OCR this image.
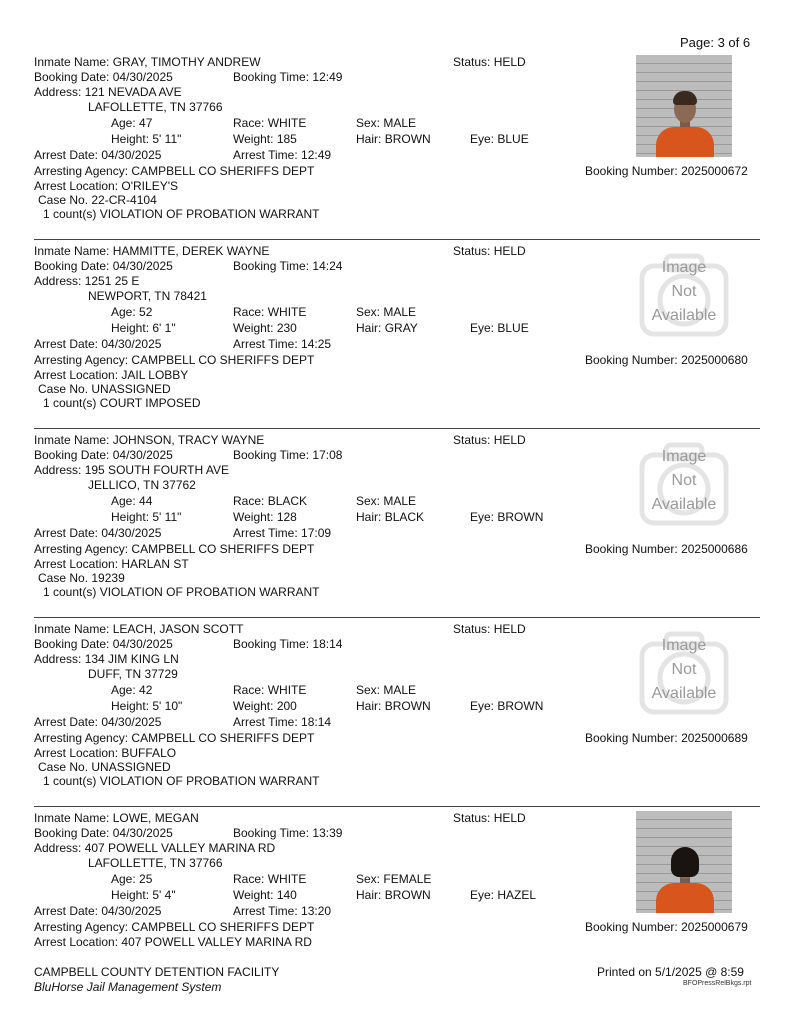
Page: 3 of 6
Inmate Name: GRAY, TIMOTHY ANDREW	Status: HELD
Booking Date: 04/30/2025	Booking Time: 12:49
Address: 121 NEVADA AVE
LAFOLLETTE, TN 37766
Age: 47	Race: WHITE	Sex: MALE
Height: 5' 11"	Weight: 185	Hair: BROWN	Eye: BLUE
Arrest Date: 04/30/2025	Arrest Time: 12:49
Arresting Agency: CAMPBELL CO SHERIFFS DEPT	Booking Number: 2025000672
Arrest Location: O'RILEY'S
Case No. 22-CR-4104
1 count(s) VIOLATION OF PROBATION WARRANT
Inmate Name: HAMMITTE, DEREK WAYNE	Status: HELD
Booking Date: 04/30/2025	Booking Time: 14:24
Address: 1251 25 E
NEWPORT, TN 78421
Age: 52	Race: WHITE	Sex: MALE
Height: 6' 1"	Weight: 230	Hair: GRAY	Eye: BLUE
Arrest Date: 04/30/2025	Arrest Time: 14:25
Arresting Agency: CAMPBELL CO SHERIFFS DEPT	Booking Number: 2025000680
Arrest Location: JAIL LOBBY
Case No. UNASSIGNED
1 count(s) COURT IMPOSED
Image
Not
Available
Inmate Name: JOHNSON, TRACY WAYNE	Status: HELD
Booking Date: 04/30/2025	Booking Time: 17:08
Address: 195 SOUTH FOURTH AVE
JELLICO, TN 37762
Age: 44	Race: BLACK	Sex: MALE
Height: 5' 11"	Weight: 128	Hair: BLACK	Eye: BROWN
Arrest Date: 04/30/2025	Arrest Time: 17:09
Arresting Agency: CAMPBELL CO SHERIFFS DEPT	Booking Number: 2025000686
Arrest Location: HARLAN ST
Case No. 19239
1 count(s) VIOLATION OF PROBATION WARRANT
Image
Not
Available
Inmate Name: LEACH, JASON SCOTT	Status: HELD
Booking Date: 04/30/2025	Booking Time: 18:14
Address: 134 JIM KING LN
DUFF, TN 37729
Age: 42	Race: WHITE	Sex: MALE
Height: 5' 10"	Weight: 200	Hair: BROWN	Eye: BROWN
Arrest Date: 04/30/2025	Arrest Time: 18:14
Arresting Agency: CAMPBELL CO SHERIFFS DEPT	Booking Number: 2025000689
Arrest Location: BUFFALO
Case No. UNASSIGNED
1 count(s) VIOLATION OF PROBATION WARRANT
Image
Not
Available
Inmate Name: LOWE, MEGAN	Status: HELD
Booking Date: 04/30/2025	Booking Time: 13:39
Address: 407 POWELL VALLEY MARINA RD
LAFOLLETTE, TN 37766
Age: 25	Race: WHITE	Sex: FEMALE
Height: 5' 4"	Weight: 140	Hair: BROWN	Eye: HAZEL
Arrest Date: 04/30/2025	Arrest Time: 13:20
Arresting Agency: CAMPBELL CO SHERIFFS DEPT	Booking Number: 2025000679
Arrest Location: 407 POWELL VALLEY MARINA RD
CAMPBELL COUNTY DETENTION FACILITY
BluHorse Jail Management System
Printed on 5/1/2025 @ 8:59
BFOPressRelBkgs.rpt
